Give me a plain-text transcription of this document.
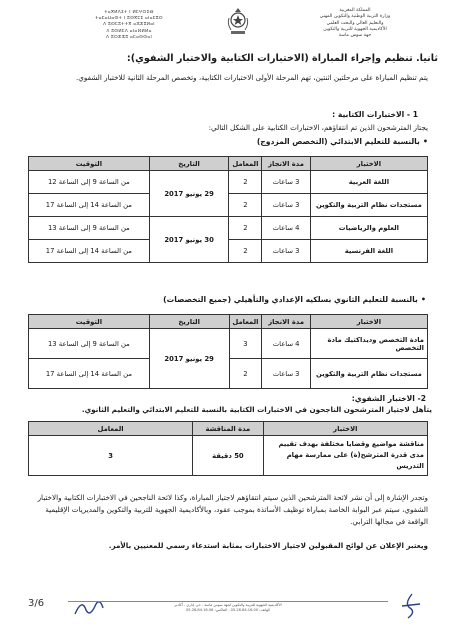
ⵜⴰⴳⵍⴷⵉⵜ ⵏ ⵍⵎⵖⵔⵉⴱ
ⵜⴰⵎⴰⵡⴰⵙⵜ ⵏ ⵓⵙⴳⵎⵉ ⴰⵏⴰⵎⵓⵔ
ⴷ ⵓⵙⵎⵓⵜⵜⴳ ⴰⵣⵣⵓⵍⴰⵏ
ⴷ ⵓⵙⵍⵎⴷ ⴰⵏⴰⴼⵍⵍⴰ
ⴷ ⵓⵔⵣⵣⵓ ⴰⵎⴰⵙⵙⴰⵏ
المملكة المغربية
وزارة التربية الوطنية والتكوين المهني
والتعليم العالي والبحث العلمي
الأكاديمية الجهوية للتربية والتكوين
جهة سوس ماسة
ثانيا. تنظيم وإجراء المباراة (الاختبارات الكتابية والاختبار الشفوي):
يتم تنظيم المباراة على مرحلتين اثنتين، تهم المرحلة الأولى الاختبارات الكتابية، وتخصص المرحلة الثانية للاختبار الشفوي.
1 - الاختبارات الكتابية :
يجتاز المترشحون الذين تم انتقاؤهم، الاختبارات الكتابية على الشكل التالي:
•بالنسبة للتعليم الابتدائي (التخصص المزدوج)
الاختبار	مدة الانجاز	المعامل	التاريخ	التوقيت
اللغة العربية	3 ساعات	2	29 يونيو 2017	من الساعة 9 إلى الساعة 12
مستجدات نظام التربية والتكوين	3 ساعات	2		من الساعة 14 إلى الساعة 17
العلوم والرياضيات	4 ساعات	2	30 يونيو 2017	من الساعة 9 إلى الساعة 13
اللغة الفرنسية	3 ساعات	2		من الساعة 14 إلى الساعة 17
•بالنسبة للتعليم الثانوي بسلكيه الإعدادي والتأهيلي (جميع التخصصات)
الاختبار	مدة الانجاز	المعامل	التاريخ	التوقيت
مادة التخصص وديداكتيك مادة التخصص	4 ساعات	3	29 يونيو 2017	من الساعة 9 إلى الساعة 13
مستجدات نظام التربية والتكوين	3 ساعات	2		من الساعة 14 إلى الساعة 17
2- الاختبار الشفوي:
يتأهل لاجتياز المترشحون الناجحون في الاختبارات الكتابية بالنسبة للتعليم الابتدائي والتعليم الثانوي.
الاختبار	مدة المناقشة	المعامل
مناقشة مواضيع وقضايا مختلفة بهدف تقييم مدى قدرة المترشح(ة) على ممارسة مهام التدريس	50 دقيقة	3
وتجدر الإشارة إلى أن نشر لائحة المترشحين الذين سيتم انتقاؤهم لاجتياز المباراة، وكذا لائحة الناجحين في الاختبارات الكتابية والاختبار الشفوي، سيتم عبر البوابة الخاصة بمباراة توظيف الأساتذة بموجب عقود، وبالأكاديمية الجهوية للتربية والتكوين والمديريات الإقليمية الواقعة في مجالها الترابي.
ويعتبر الإعلان عن لوائح المقبولين لاجتياز الاختبارات بمثابة استدعاء رسمي للمعنيين بالأمر.
3/6	الأكاديمية الجهوية للتربية والتكوين لجهة سوس ماسة - حي إداري - أكادير
الهاتف: 05.28.84.16.00 - الفاكس: 05.28.84.16.06
